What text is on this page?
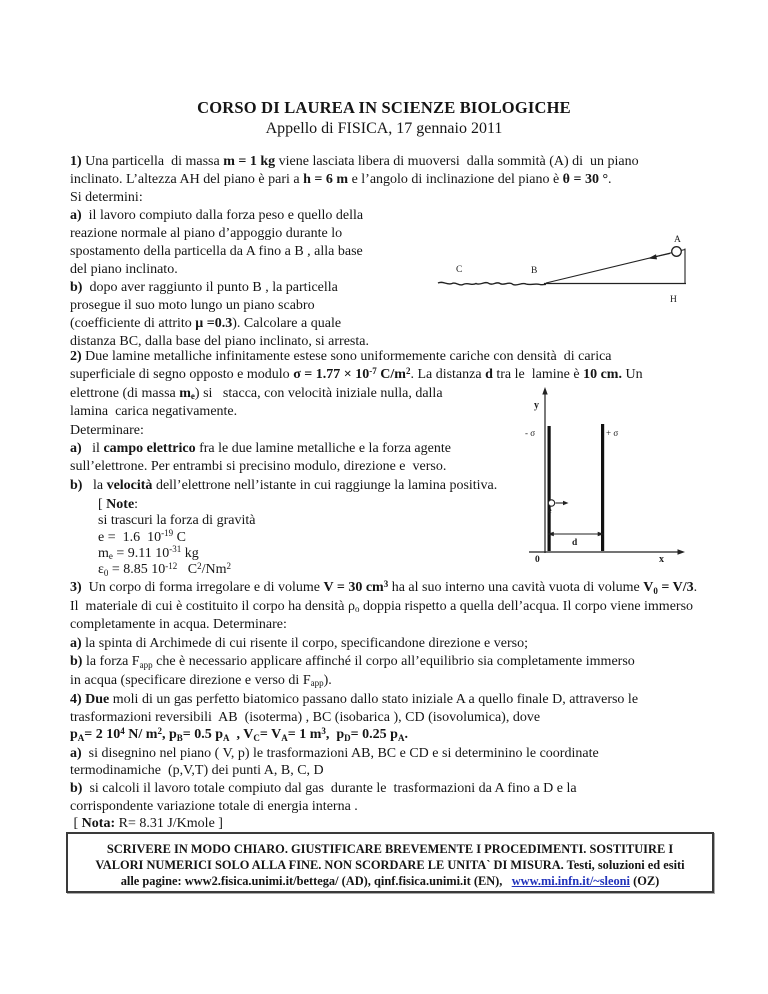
CORSO DI LAUREA IN SCIENZE BIOLOGICHE
Appello di FISICA, 17 gennaio 2011
1) Una particella  di massa m = 1 kg viene lasciata libera di muoversi  dalla sommità (A) di  un piano
inclinato. L’altezza AH del piano è pari a h = 6 m e l’angolo di inclinazione del piano è θ = 30 °.
Si determini:
a)  il lavoro compiuto dalla forza peso e quello della
reazione normale al piano d’appoggio durante lo
spostamento della particella da A fino a B , alla base
del piano inclinato.
b)  dopo aver raggiunto il punto B , la particella
prosegue il suo moto lungo un piano scabro
(coefficiente di attrito μ =0.3). Calcolare a quale
distanza BC, dalla base del piano inclinato, si arresta.
A
B
C
H
2) Due lamine metalliche infinitamente estese sono uniformemente cariche con densità  di carica
superficiale di segno opposto e modulo $\sigma = 1.77 \times 10^{-7}$ $C/m^2$. La distanza d tra le  lamine è 10 cm. Un
elettrone (di massa me) si   stacca, con velocità iniziale nulla, dalla
lamina  carica negativamente.
Determinare:
a)   il campo elettrico fra le due lamine metalliche e la forza agente
sull’elettrone. Per entrambi si precisino modulo, direzione e  verso.
b)   la velocità dell’elettrone nell’istante in cui raggiunge la lamina positiva.
y
x
0
- σ	+ σ
e
d
[ Note:
si trascuri la forza di gravità
e =  1.6  $10^{-19}$ C
me = 9.11 $10^{-31}$ kg
ε0 = 8.85 $10^{-12}$   $C^2/Nm^2$
3)  Un corpo di forma irregolare e di volume V = 30 $cm^3$ ha al suo interno una cavità vuota di volume V0 = V/3.
Il  materiale di cui è costituito il corpo ha densità ρo doppia rispetto a quella dell’acqua. Il corpo viene immerso
completamente in acqua. Determinare:
a) la spinta di Archimede di cui risente il corpo, specificandone direzione e verso;
b) la forza Fapp che è necessario applicare affinché il corpo all’equilibrio sia completamente immerso
in acqua (specificare direzione e verso di Fapp).
4) Due moli di un gas perfetto biatomico passano dallo stato iniziale A a quello finale D, attraverso le
trasformazioni reversibili  AB  (isoterma) , BC (isobarica ), CD (isovolumica), dove
pA= 2 $10^4$ N/ $m^2$, pB= 0.5 pA  , VC= VA= 1 $m^3$,  pD= 0.25 pA.
a)  si disegnino nel piano ( V, p) le trasformazioni AB, BC e CD e si determinino le coordinate
termodinamiche  (p,V,T) dei punti A, B, C, D
b)  si calcoli il lavoro totale compiuto dal gas  durante le  trasformazioni da A fino a D e la
corrispondente variazione totale di energia interna .
[ Nota: R= 8.31 J/Kmole ]
SCRIVERE IN MODO CHIARO. GIUSTIFICARE BREVEMENTE I PROCEDIMENTI. SOSTITUIRE I
VALORI NUMERICI SOLO ALLA FINE. NON SCORDARE LE UNITA` DI MISURA. Testi, soluzioni ed esiti
alle pagine: www2.fisica.unimi.it/bettega/ (AD), qinf.fisica.unimi.it (EN),   www.mi.infn.it/~sleoni (OZ)
